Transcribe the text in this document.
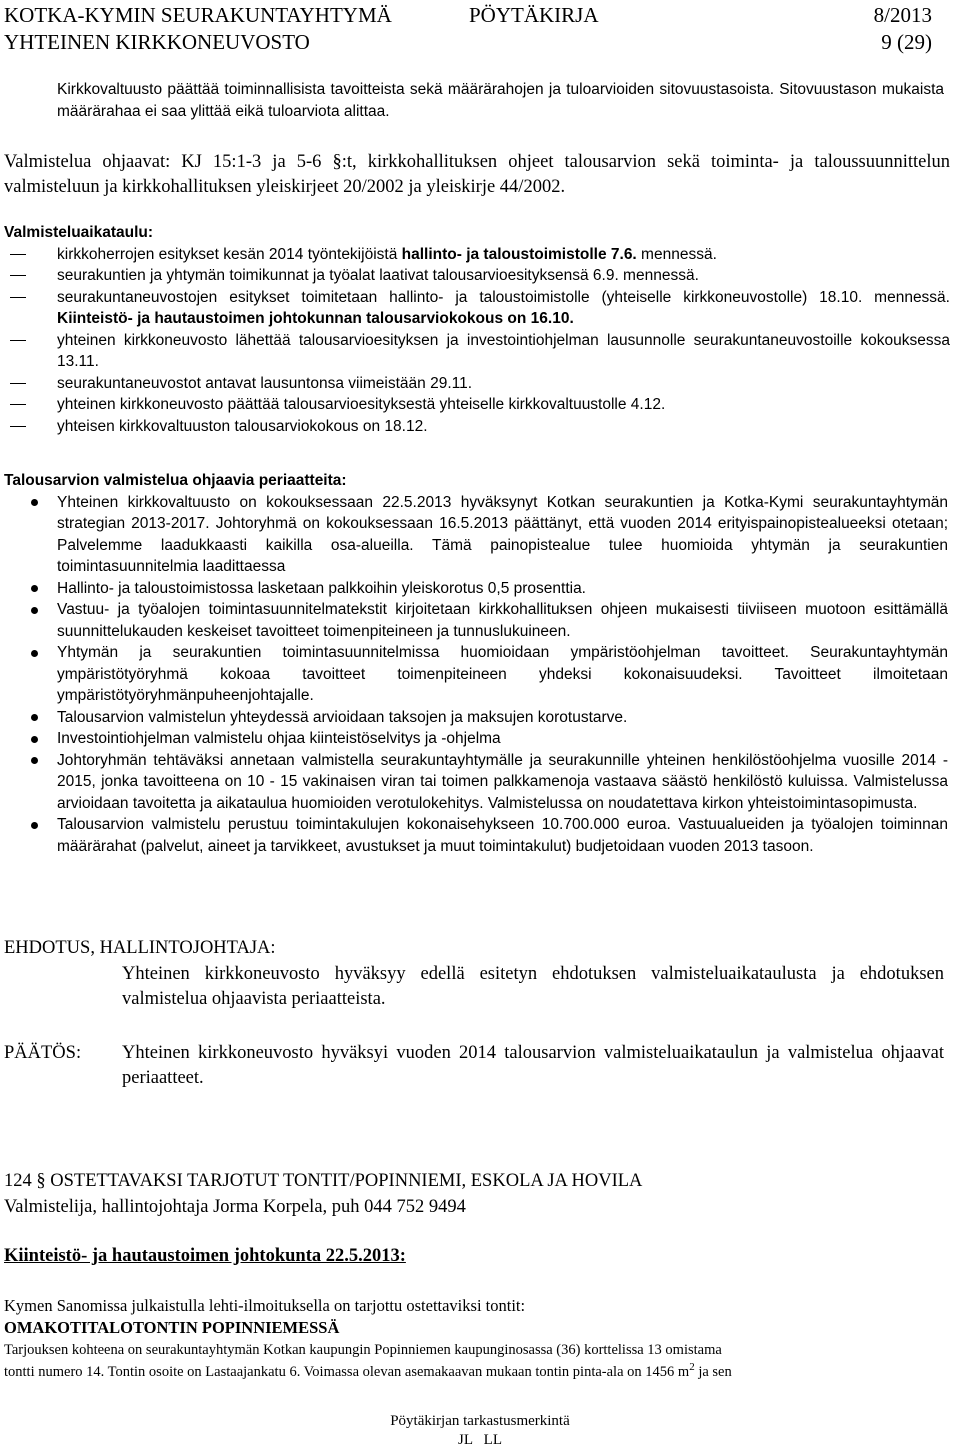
KOTKA-KYMIN SEURAKUNTAYHTYMÄ	PÖYTÄKIRJA	8/2013
YHTEINEN KIRKKONEUVOSTO	9 (29)
Kirkkovaltuusto päättää toiminnallisista tavoitteista sekä määrärahojen ja tuloarvioiden sitovuustasoista. Sitovuustason mukaista määrärahaa ei saa ylittää eikä tuloarviota alittaa.
Valmistelua ohjaavat: KJ 15:1-3 ja 5-6 §:t, kirkkohallituksen ohjeet talousarvion sekä toiminta- ja taloussuunnittelun valmisteluun ja kirkkohallituksen yleiskirjeet 20/2002 ja yleiskirje 44/2002.
Valmisteluaikataulu:
kirkkoherrojen esitykset kesän 2014 työntekijöistä hallinto- ja taloustoimistolle 7.6. mennessä.
seurakuntien ja yhtymän toimikunnat ja työalat laativat talousarvioesityksensä 6.9. mennessä.
seurakuntaneuvostojen esitykset toimitetaan hallinto- ja taloustoimistolle (yhteiselle kirkkoneuvostolle) 18.10. mennessä. Kiinteistö- ja hautaustoimen johtokunnan talousarviokokous on 16.10.
yhteinen kirkkoneuvosto lähettää talousarvioesityksen ja investointiohjelman lausunnolle seurakuntaneuvostoille kokouksessa 13.11.
seurakuntaneuvostot antavat lausuntonsa viimeistään 29.11.
yhteinen kirkkoneuvosto päättää talousarvioesityksestä yhteiselle kirkkovaltuustolle 4.12.
yhteisen kirkkovaltuuston talousarviokokous on 18.12.
Talousarvion valmistelua ohjaavia periaatteita:
Yhteinen kirkkovaltuusto on kokouksessaan 22.5.2013 hyväksynyt Kotkan seurakuntien ja Kotka-Kymi seurakuntayhtymän strategian 2013-2017. Johtoryhmä on kokouksessaan 16.5.2013 päättänyt, että vuoden 2014 erityispainopistealueeksi otetaan; Palvelemme laadukkaasti kaikilla osa-alueilla. Tämä painopistealue tulee huomioida yhtymän ja seurakuntien toimintasuunnitelmia laadittaessa
Hallinto- ja taloustoimistossa lasketaan palkkoihin yleiskorotus 0,5 prosenttia.
Vastuu- ja työalojen toimintasuunnitelmatekstit kirjoitetaan kirkkohallituksen ohjeen mukaisesti tiiviiseen muotoon esittämällä suunnittelukauden keskeiset tavoitteet toimenpiteineen ja tunnuslukuineen.
Yhtymän ja seurakuntien toimintasuunnitelmissa huomioidaan ympäristöohjelman tavoitteet. Seurakuntayhtymän ympäristötyöryhmä kokoaa tavoitteet toimenpiteineen yhdeksi kokonaisuudeksi. Tavoitteet ilmoitetaan ympäristötyöryhmänpuheenjohtajalle.
Talousarvion valmistelun yhteydessä arvioidaan taksojen ja maksujen korotustarve.
Investointiohjelman valmistelu ohjaa kiinteistöselvitys ja -ohjelma
Johtoryhmän tehtäväksi annetaan valmistella seurakuntayhtymälle ja seurakunnille yhteinen henkilöstöohjelma vuosille 2014 - 2015, jonka tavoitteena on 10 - 15 vakinaisen viran tai toimen palkkamenoja vastaava säästö henkilöstö kuluissa. Valmistelussa arvioidaan tavoitetta ja aikataulua huomioiden verotulokehitys. Valmistelussa on noudatettava kirkon yhteistoimintasopimusta.
Talousarvion valmistelu perustuu toimintakulujen kokonaisehykseen 10.700.000 euroa. Vastuualueiden ja työalojen toiminnan määrärahat (palvelut, aineet ja tarvikkeet, avustukset ja muut toimintakulut) budjetoidaan vuoden 2013 tasoon.
EHDOTUS, HALLINTOJOHTAJA:
Yhteinen kirkkoneuvosto hyväksyy edellä esitetyn ehdotuksen valmisteluaikataulusta ja ehdotuksen valmistelua ohjaavista periaatteista.
PÄÄTÖS:	Yhteinen kirkkoneuvosto hyväksyi vuoden 2014 talousarvion valmisteluaikataulun ja valmistelua ohjaavat periaatteet.
124 § OSTETTAVAKSI TARJOTUT TONTIT/POPINNIEMI, ESKOLA JA HOVILA
Valmistelija, hallintojohtaja Jorma Korpela, puh 044 752 9494
Kiinteistö- ja hautaustoimen johtokunta 22.5.2013:
Kymen Sanomissa julkaistulla lehti-ilmoituksella on tarjottu ostettaviksi tontit:
OMAKOTITALOTONTIN POPINNIEMESSÄ
Tarjouksen kohteena on seurakuntayhtymän Kotkan kaupungin Popinniemen kaupunginosassa (36) korttelissa 13 omistama
tontti numero 14. Tontin osoite on Lastaajankatu 6. Voimassa olevan asemakaavan mukaan tontin pinta-ala on 1456 $m^2$ ja sen
Pöytäkirjan tarkastusmerkintä
JL   LL
